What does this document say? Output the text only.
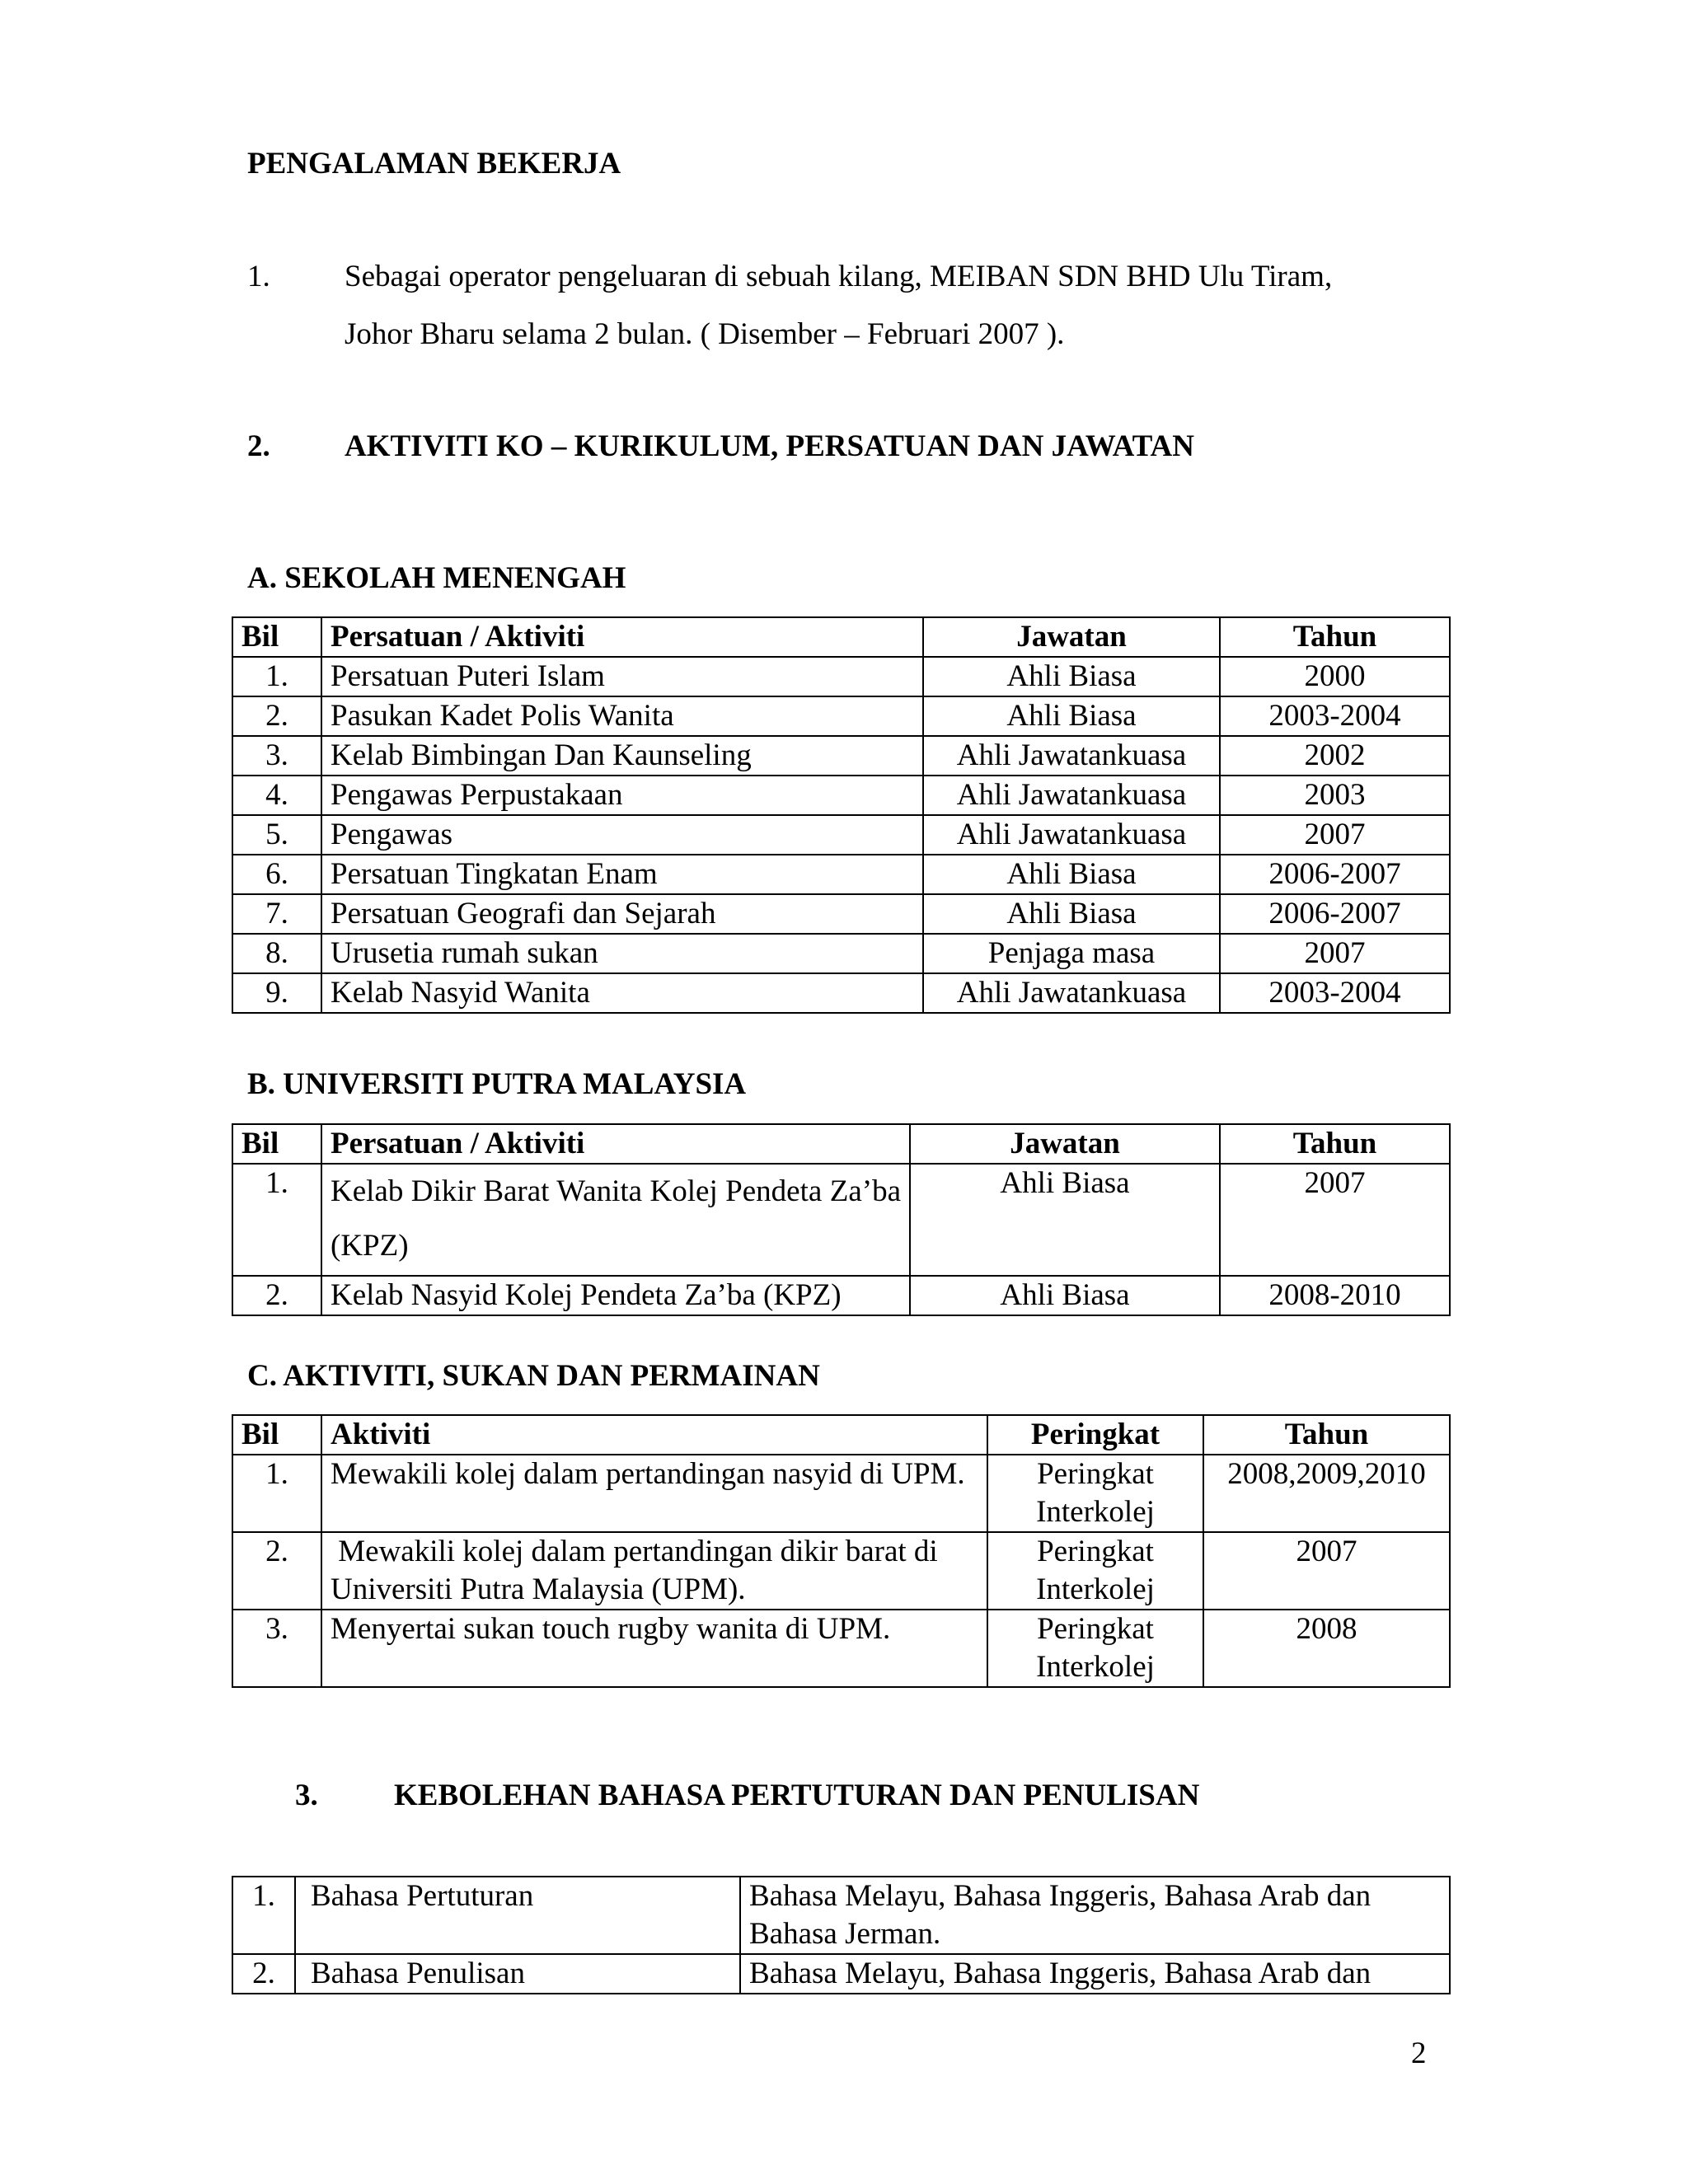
PENGALAMAN BEKERJA
1. Sebagai operator pengeluaran di sebuah kilang, MEIBAN SDN BHD Ulu Tiram,
Johor Bharu selama 2 bulan. ( Disember – Februari 2007 ).
2. AKTIVITI KO – KURIKULUM, PERSATUAN DAN JAWATAN
A. SEKOLAH MENENGAH
Bil	Persatuan / Aktiviti	Jawatan	Tahun
1.	Persatuan Puteri Islam	Ahli Biasa	2000
2.	Pasukan Kadet Polis Wanita	Ahli Biasa	2003-2004
3.	Kelab Bimbingan Dan Kaunseling	Ahli Jawatankuasa	2002
4.	Pengawas Perpustakaan	Ahli Jawatankuasa	2003
5.	Pengawas	Ahli Jawatankuasa	2007
6.	Persatuan Tingkatan Enam	Ahli Biasa	2006-2007
7.	Persatuan Geografi dan Sejarah	Ahli Biasa	2006-2007
8.	Urusetia rumah sukan	Penjaga masa	2007
9.	Kelab Nasyid Wanita	Ahli Jawatankuasa	2003-2004
B. UNIVERSITI PUTRA MALAYSIA
Bil	Persatuan / Aktiviti	Jawatan	Tahun
1.	Kelab Dikir Barat Wanita Kolej Pendeta Za’ba (KPZ)	Ahli Biasa	2007
2.	Kelab Nasyid Kolej Pendeta Za’ba (KPZ)	Ahli Biasa	2008-2010
C. AKTIVITI, SUKAN DAN PERMAINAN
Bil	Aktiviti	Peringkat	Tahun
1.	Mewakili kolej dalam pertandingan nasyid di UPM.	Peringkat Interkolej	2008,2009,2010
2.	Mewakili kolej dalam pertandingan dikir barat di Universiti Putra Malaysia (UPM).	Peringkat Interkolej	2007
3.	Menyertai sukan touch rugby wanita di UPM.	Peringkat Interkolej	2008
3. KEBOLEHAN BAHASA PERTUTURAN DAN PENULISAN
1.	Bahasa Pertuturan	Bahasa Melayu, Bahasa Inggeris, Bahasa Arab dan Bahasa Jerman.
2.	Bahasa Penulisan	Bahasa Melayu, Bahasa Inggeris, Bahasa Arab dan
2
